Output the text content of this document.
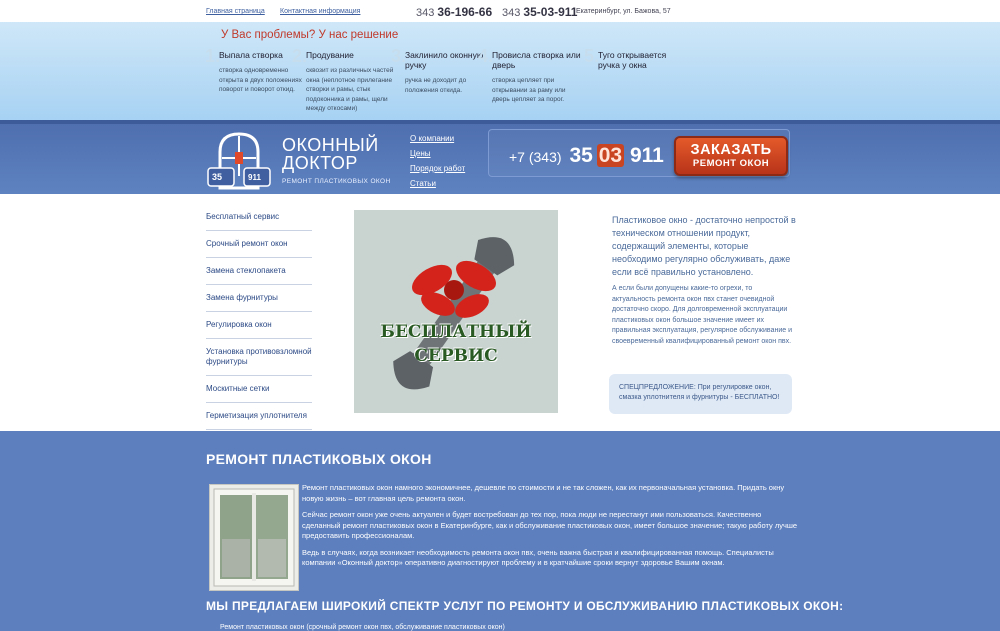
Главная страница Контактная информация	343 36-196-66 343 35-03-911
Екатеринбург, ул. Бажова, 57
У Вас проблемы? У нас решение
1.
Выпала створка
створка одновременно открыта в двух положениях поворот и поворот откид.
2.
Продувание
сквозит из различных частей окна (неплотное прилегание створки и рамы, стык подоконника и рамы, щели между откосами)
3.
Заклинило оконную ручку
ручка не доходит до положения откида.
4.
Провисла створка или дверь
створка цепляет при открывании за раму или дверь цепляет за порог.
5.
Туго открывается ручка у окна
35	911
ОКОННЫЙ
ДОКТОР
РЕМОНТ ПЛАСТИКОВЫХ ОКОН
О компании
Цены
Порядок работ
Статьи
+7 (343) 35 03 911	ЗАКАЗАТЬ
РЕМОНТ ОКОН
Бесплатный сервис
Срочный ремонт окон
Замена стеклопакета
Замена фурнитуры
Регулировка окон
Установка противовзломной фурнитуры
Москитные сетки
Герметизация уплотнителя
БЕСПЛАТНЫЙ
СЕРВИС
Пластиковое окно - достаточно непростой в техническом отношении продукт, содержащий элементы, которые необходимо регулярно обслуживать, даже если всё правильно установлено.
А если были допущены какие-то огрехи, то актуальность ремонта окон пвх станет очевидной достаточно скоро. Для долговременной эксплуатации пластиковых окон большое значение имеет их правильная эксплуатация, регулярное обслуживание и своевременный квалифицированный ремонт окон пвх.
СПЕЦПРЕДЛОЖЕНИЕ: При регулировке окон, смазка уплотнителя и фурнитуры - БЕСПЛАТНО!
РЕМОНТ ПЛАСТИКОВЫХ ОКОН

Ремонт пластиковых окон намного экономичнее, дешевле по стоимости и не так сложен, как их первоначальная установка. Придать окну новую жизнь – вот главная цель ремонта окон.

Сейчас ремонт окон уже очень актуален и будет востребован до тех пор, пока люди не перестанут ими пользоваться. Качественно сделанный ремонт пластиковых окон в Екатеринбурге, как и обслуживание пластиковых окон, имеет большое значение; такую работу лучше предоставить профессионалам.

Ведь в случаях, когда возникает необходимость ремонта окон пвх, очень важна быстрая и квалифицированная помощь. Специалисты компании «Оконный доктор» оперативно диагностируют проблему и в кратчайшие сроки вернут здоровье Вашим окнам.

МЫ ПРЕДЛАГАЕМ ШИРОКИЙ СПЕКТР УСЛУГ ПО РЕМОНТУ И ОБСЛУЖИВАНИЮ ПЛАСТИКОВЫХ ОКОН:
Ремонт пластиковых окон (срочный ремонт окон пвх, обслуживание пластиковых окон)
